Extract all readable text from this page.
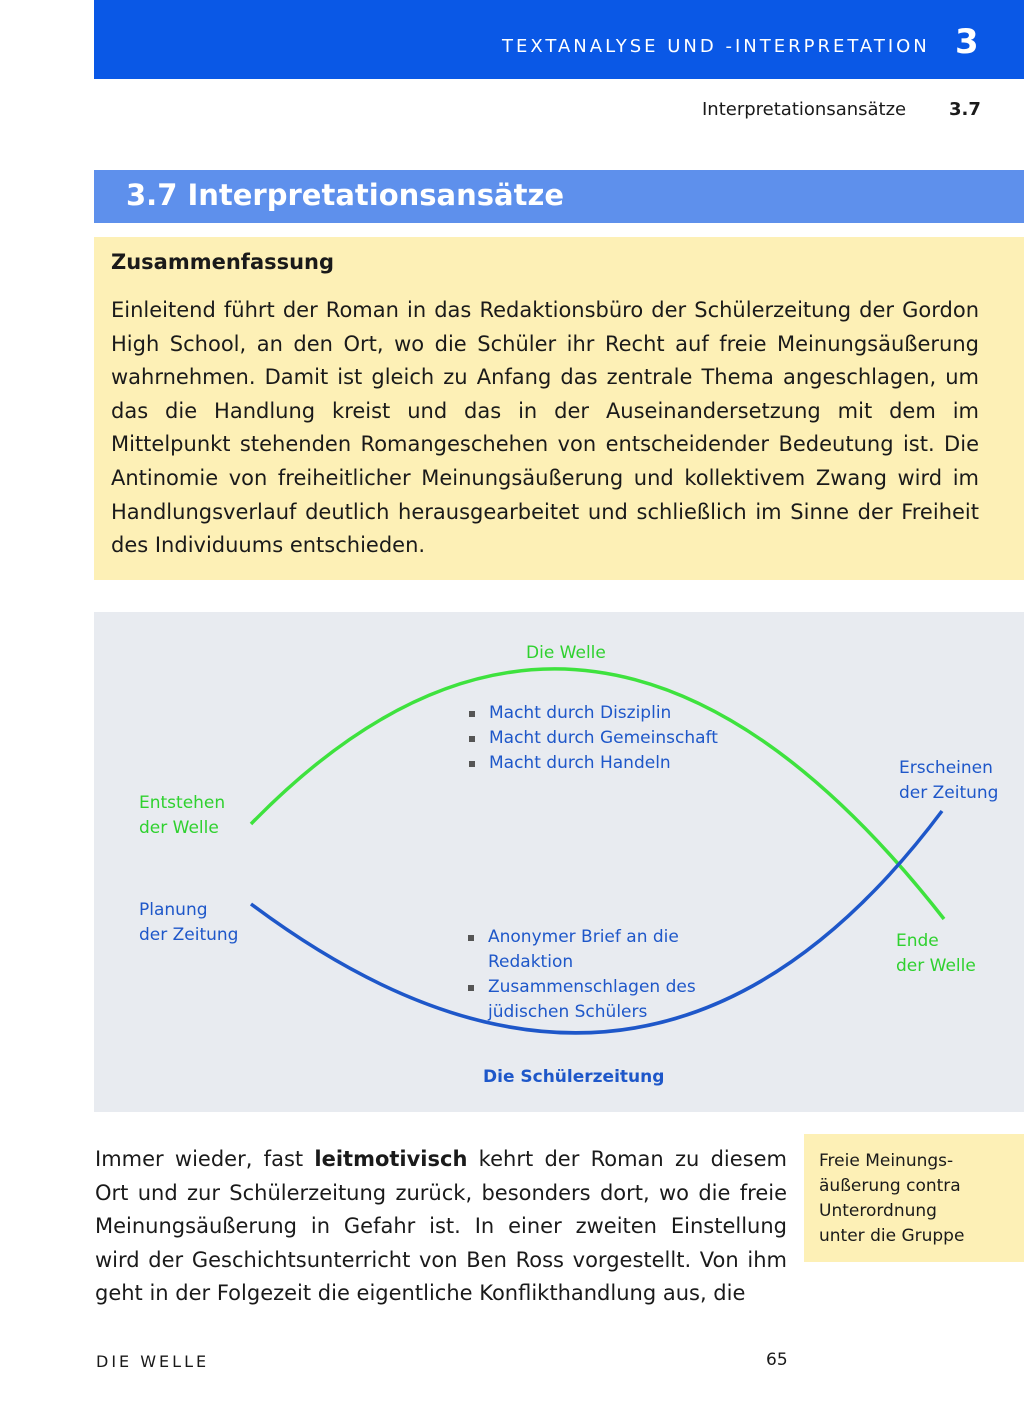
TEXTANALYSE UND -INTERPRETATION 3
Interpretationsansätze 3.7
3.7 Interpretationsansätze
Zusammenfassung

Einleitend führt der Roman in das Redaktionsbüro der Schülerzeitung der Gordon High School, an den Ort, wo die Schüler ihr Recht auf freie Meinungsäußerung wahrnehmen. Damit ist gleich zu Anfang das zentrale Thema angeschlagen, um das die Handlung kreist und das in der Auseinandersetzung mit dem im Mittelpunkt stehenden Romangeschehen von entscheidender Bedeutung ist. Die Antinomie von freiheitlicher Meinungsäußerung und kollektivem Zwang wird im Handlungsverlauf deutlich herausgearbeitet und schließlich im Sinne der Freiheit des Individuums entschieden.

Die Welle
Entstehen
der Welle
Ende
der Welle
Macht durch Disziplin
Macht durch Gemeinschaft
Macht durch Handeln
Planung
der Zeitung
Erscheinen
der Zeitung
Anonymer Brief an die
Redaktion
Zusammenschlagen des
jüdischen Schülers
Die Schülerzeitung

Immer wieder, fast leitmotivisch kehrt der Roman zu diesem Ort und zur Schülerzeitung zurück, besonders dort, wo die freie Meinungsäußerung in Gefahr ist. In einer zweiten Einstellung wird der Geschichtsunterricht von Ben Ross vorgestellt. Von ihm geht in der Folgezeit die eigentliche Konflikthandlung aus, die

Freie Meinungs-
äußerung contra
Unterordnung
unter die Gruppe

DIE WELLE	65
